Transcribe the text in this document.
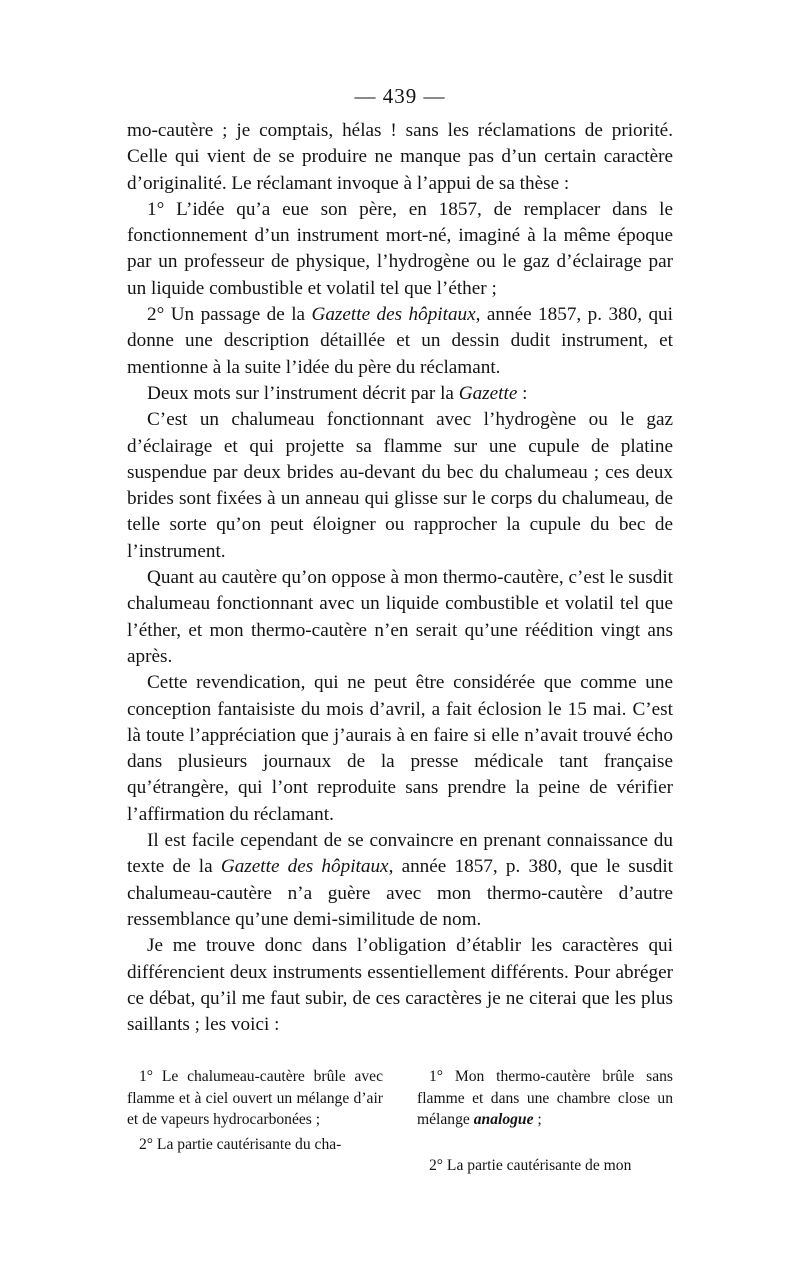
— 439 —

mo-cautère ; je comptais, hélas ! sans les réclamations de priorité. Celle qui vient de se produire ne manque pas d’un certain caractère d’originalité. Le réclamant invoque à l’appui de sa thèse :

1° L’idée qu’a eue son père, en 1857, de remplacer dans le fonctionnement d’un instrument mort-né, imaginé à la même époque par un professeur de physique, l’hydrogène ou le gaz d’éclairage par un liquide combustible et volatil tel que l’éther ;

2° Un passage de la Gazette des hôpitaux, année 1857, p. 380, qui donne une description détaillée et un dessin dudit instrument, et mentionne à la suite l’idée du père du réclamant.

Deux mots sur l’instrument décrit par la Gazette :

C’est un chalumeau fonctionnant avec l’hydrogène ou le gaz d’éclairage et qui projette sa flamme sur une cupule de platine suspendue par deux brides au-devant du bec du chalumeau ; ces deux brides sont fixées à un anneau qui glisse sur le corps du chalumeau, de telle sorte qu’on peut éloigner ou rapprocher la cupule du bec de l’instrument.

Quant au cautère qu’on oppose à mon thermo-cautère, c’est le susdit chalumeau fonctionnant avec un liquide combustible et volatil tel que l’éther, et mon thermo-cautère n’en serait qu’une réédition vingt ans après.

Cette revendication, qui ne peut être considérée que comme une conception fantaisiste du mois d’avril, a fait éclosion le 15 mai. C’est là toute l’appréciation que j’aurais à en faire si elle n’avait trouvé écho dans plusieurs journaux de la presse médicale tant française qu’étrangère, qui l’ont reproduite sans prendre la peine de vérifier l’affirmation du réclamant.

Il est facile cependant de se convaincre en prenant connaissance du texte de la Gazette des hôpitaux, année 1857, p. 380, que le susdit chalumeau-cautère n’a guère avec mon thermo-cautère d’autre ressemblance qu’une demi-similitude de nom.

Je me trouve donc dans l’obligation d’établir les caractères qui différencient deux instruments essentiellement différents. Pour abréger ce débat, qu’il me faut subir, de ces caractères je ne citerai que les plus saillants ; les voici :

1° Le chalumeau-cautère brûle avec flamme et à ciel ouvert un mélange d’air et de vapeurs hydrocarbonées ;

2° La partie cautérisante du cha-

1° Mon thermo-cautère brûle sans flamme et dans une chambre close un mélange analogue ;

2° La partie cautérisante de mon
